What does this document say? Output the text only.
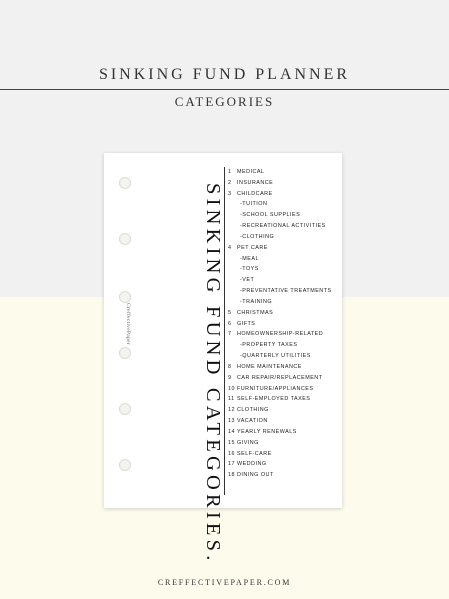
SINKING FUND PLANNER
CATEGORIES
CreffectivePaper	SINKING FUND CATEGORIES.
1 MEDICAL
2 INSURANCE
3 CHILDCARE
-TUITION
-SCHOOL SUPPLIES
-RECREATIONAL ACTIVITIES
-CLOTHING
4 PET CARE
-MEAL
-TOYS
-VET
-PREVENTATIVE TREATMENTS
-TRAINING
5 CHRISTMAS
6 GIFTS
7 HOMEOWNERSHIP-RELATED
-PROPERTY TAXES
-QUARTERLY UTILITIES
8 HOME MAINTENANCE
9 CAR REPAIR/REPLACEMENT
10 FURNITURE/APPLIANCES
11 SELF-EMPLOYED TAXES
12 CLOTHING
13 VACATION
14 YEARLY RENEWALS
15 GIVING
16 SELF-CARE
17 WEDDING
18 DINING OUT
CREFFECTIVEPAPER.COM
